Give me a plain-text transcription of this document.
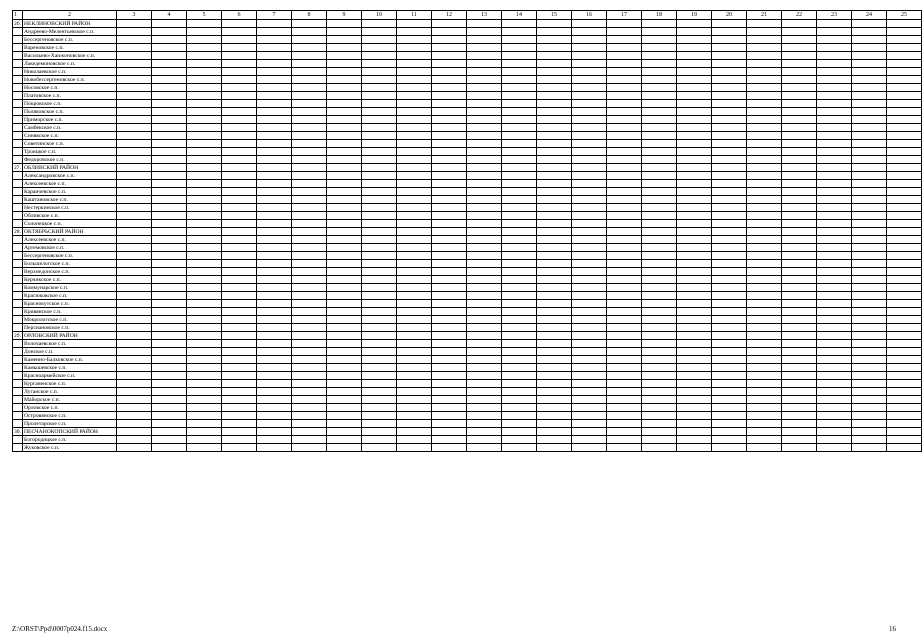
1	2	3	4	5	6	7	8	9	10	11	12	13	14	15	16	17	18	19	20	21	22	23	24	25
26.	НЕКЛИНОВСКИЙ РАЙОН																							
	Андреево-Мелентьевское с.п.																							
	Бессергеновское с.п.																							
	Вареновское с.п.																							
	Васильево-Ханжоновское с.п.																							
	Лакедемоновское с.п.																							
	Николаевское с.п.																							
	Новобессергеновское с.п.																							
	Носовское с.п.																							
	Платовское с.п.																							
	Покровское с.п.																							
	Поляковское с.п.																							
	Приморское с.п.																							
	Самбекское с.п.																							
	Синявское с.п.																							
	Советинское с.п.																							
	Троицкое с.п.																							
	Федоровское с.п.																							
27.	ОБЛИВСКИЙ РАЙОН																							
	Александровское с.п.																							
	Алексеевское с.п.																							
	Караичевское с.п.																							
	Каштановское с.п.																							
	Нестеркинское с.п.																							
	Обливское с.п.																							
	Солонецкое с.п.																							
28.	ОКТЯБРЬСКИЙ РАЙОН																							
	Алексеевское с.п.																							
	Артемовское с.п.																							
	Бессергеновское с.п.																							
	Большелогское с.п.																							
	Верхнедонское с.п.																							
	Керчикское с.п.																							
	Коммунарское с.п.																							
	Красюковское с.п.																							
	Краснокутское с.п.																							
	Кривянское с.п.																							
	Мокрологское с.п.																							
	Персиановское с.п.																							
29.	ОРЛОВСКИЙ РАЙОН																							
	Волочаевское с.п.																							
	Донское с.п.																							
	Каменно-Балковское с.п.																							
	Камышевское с.п.																							
	Красноармейское с.п.																							
	Курганенское с.п.																							
	Луганское с.п.																							
	Майорское с.п.																							
	Орловское с.п.																							
	Островянское с.п.																							
	Пролетарское с.п.																							
30.	ПЕСЧАНОКОПСКИЙ РАЙОН																							
	Богородицкое с.п.																							
	Жуковское с.п.																							
Z:\ORST\Ppd\0007p024.f15.docx	16
